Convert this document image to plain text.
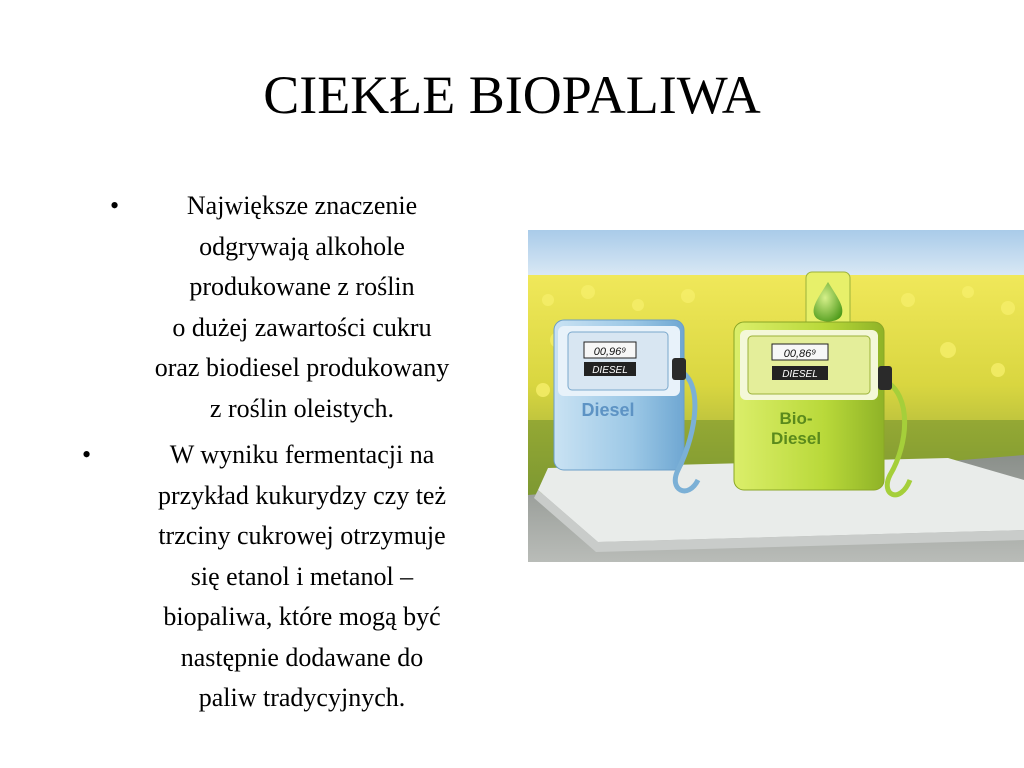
CIEKŁE BIOPALIWA
•	Największe znaczenie
odgrywają alkohole
produkowane z roślin
o dużej zawartości cukru
oraz biodiesel produkowany
z roślin oleistych.
•	W wyniku fermentacji na
przykład kukurydzy czy też
trzciny cukrowej otrzymuje
się etanol i metanol –
biopaliwa, które mogą być
następnie dodawane do
paliw tradycyjnych.
00,96⁹
DIESEL
Diesel
00,86⁹
DIESEL
Bio-
Diesel
